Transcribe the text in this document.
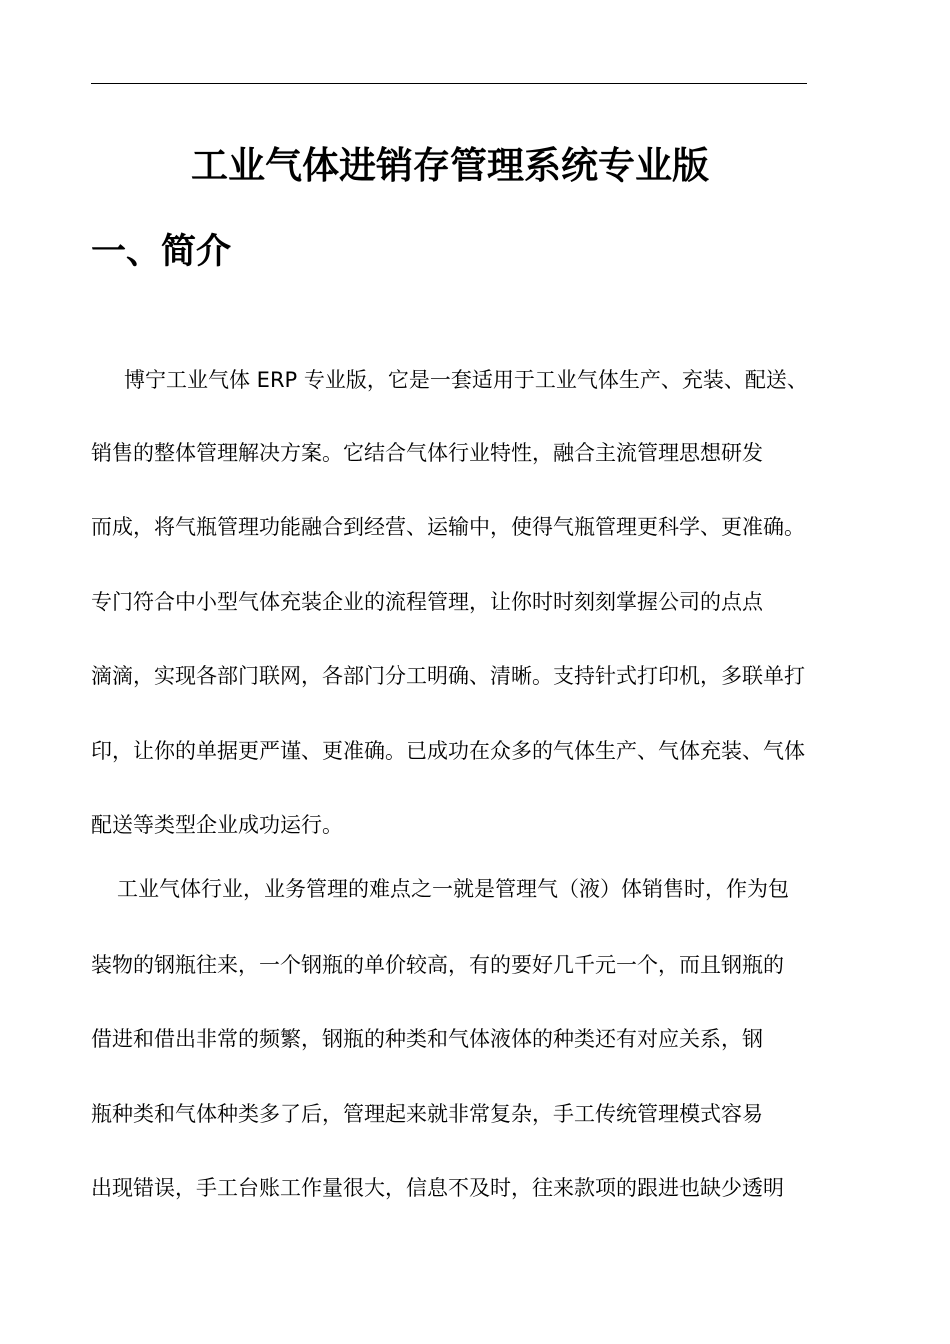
工业气体进销存管理系统专业版
一、简介

博宁工业气体 ERP 专业版，它是一套适用于工业气体生产、充装、配送、

销售的整体管理解决方案。它结合气体行业特性，融合主流管理思想研发

而成，将气瓶管理功能融合到经营、运输中，使得气瓶管理更科学、更准确。

专门符合中小型气体充装企业的流程管理，让你时时刻刻掌握公司的点点

滴滴，实现各部门联网，各部门分工明确、清晰。支持针式打印机，多联单打

印，让你的单据更严谨、更准确。已成功在众多的气体生产、气体充装、气体

配送等类型企业成功运行。

工业气体行业，业务管理的难点之一就是管理气（液）体销售时，作为包

装物的钢瓶往来，一个钢瓶的单价较高，有的要好几千元一个，而且钢瓶的

借进和借出非常的频繁，钢瓶的种类和气体液体的种类还有对应关系，钢

瓶种类和气体种类多了后，管理起来就非常复杂，手工传统管理模式容易

出现错误，手工台账工作量很大，信息不及时，往来款项的跟进也缺少透明
